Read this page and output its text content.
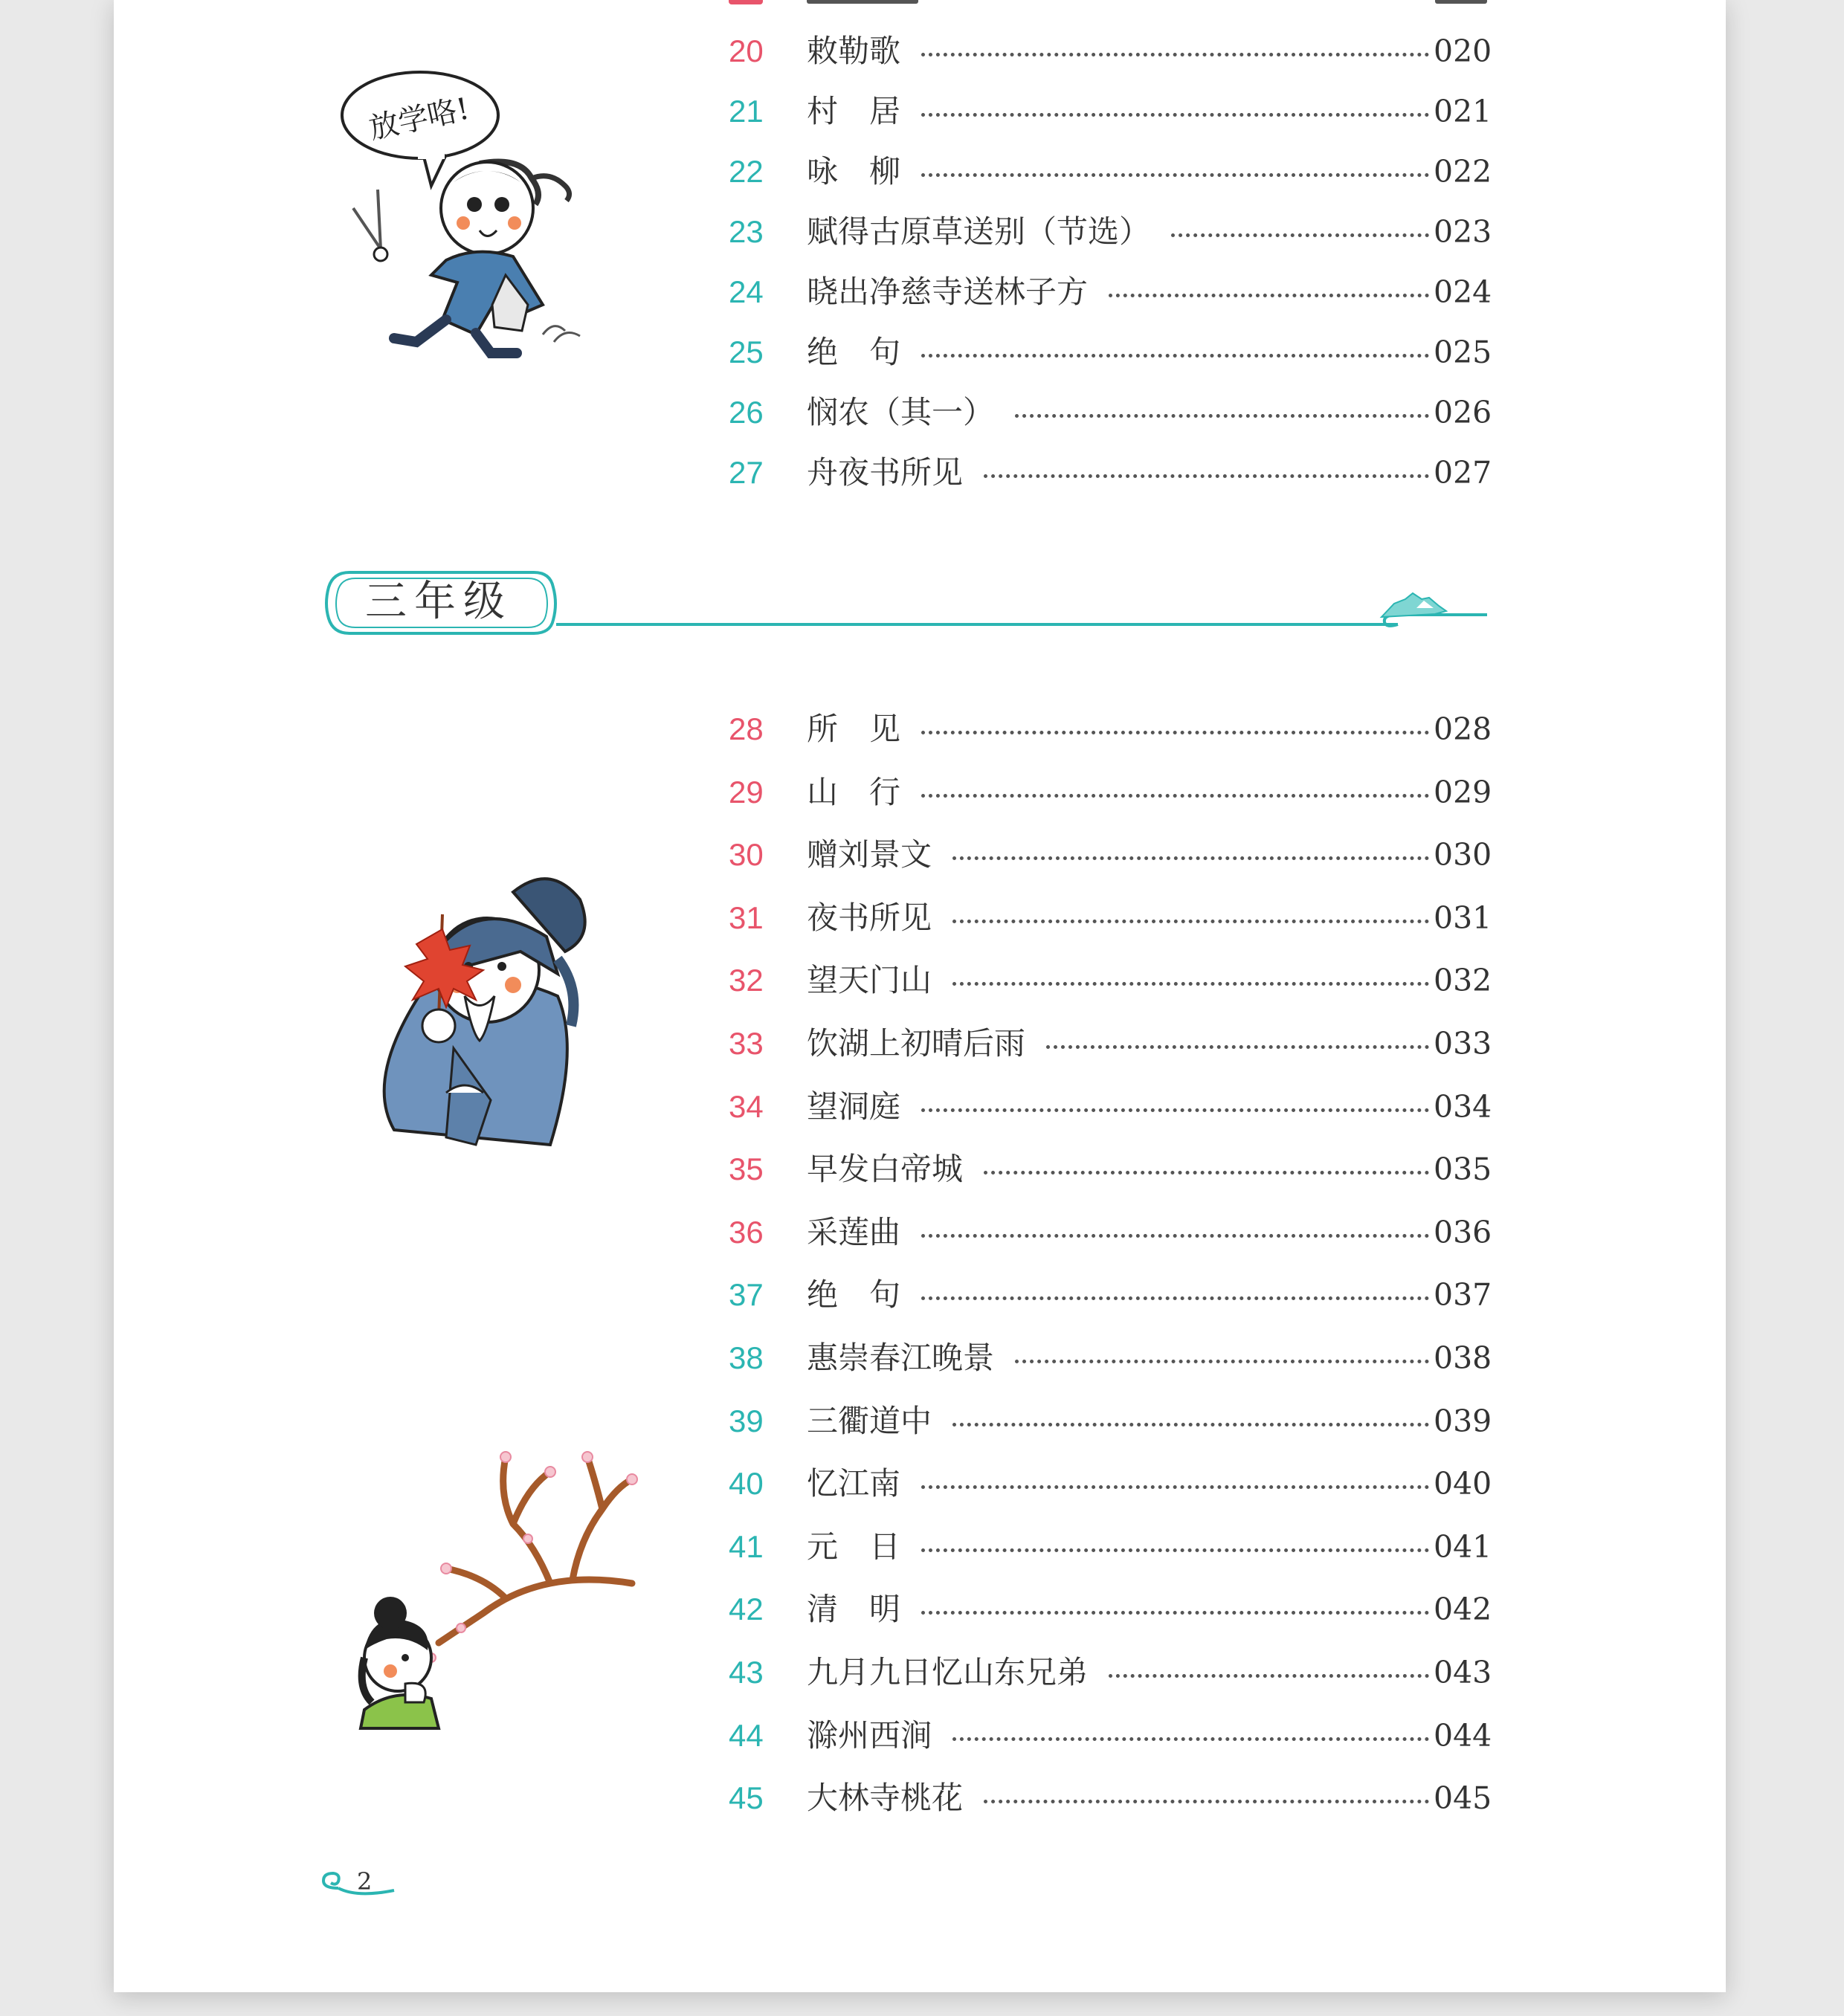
20 敕勒歌	020
21 村　居	021
22 咏　柳	022
23 赋得古原草送别（节选）	023
24 晓出净慈寺送林子方	024
25 绝　句	025
26 悯农（其一）	026
27 舟夜书所见	027
三年级
28 所　见	028
29 山　行	029
30 赠刘景文	030
31 夜书所见	031
32 望天门山	032
33 饮湖上初晴后雨	033
34 望洞庭	034
35 早发白帝城	035
36 采莲曲	036
37 绝　句	037
38 惠崇春江晚景	038
39 三衢道中	039
40 忆江南	040
41 元　日	041
42 清　明	042
43 九月九日忆山东兄弟	043
44 滁州西涧	044
45 大林寺桃花	045
放学咯!
2
